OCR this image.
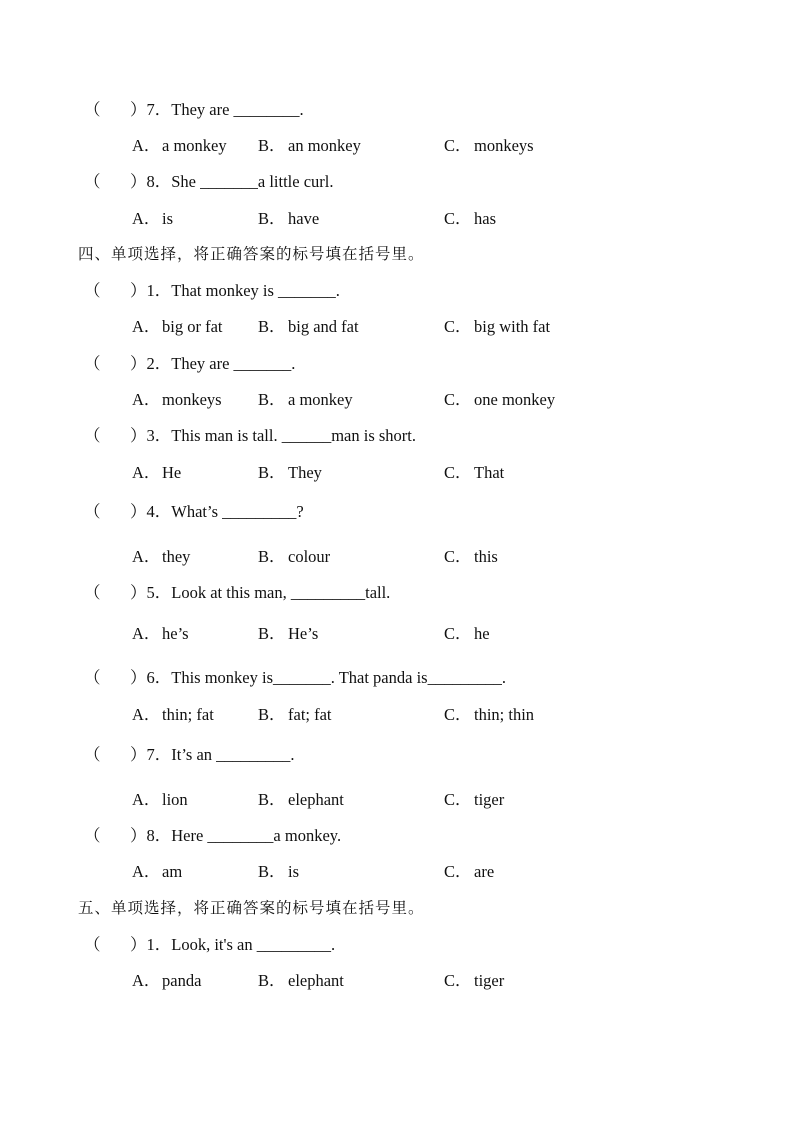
（ ）7．They are ________.
A．a monkey B． an monkey	C． monkeys
（ ）8．She _______a little curl.
A．is	B． have	C． has
四、单项选择，将正确答案的标号填在括号里。
（ ）1．That monkey is _______.
A．big or fat B． big and fat	C． big with fat
（ ）2．They are _______.
A．monkeys B． a monkey	C． one monkey
（ ）3．This man is tall. ______man is short.
A．He	B． They	C． That
（ ）4．What’s _________?
A．they	B． colour	C． this
（ ）5．Look at this man, _________tall.
A．he’s	B． He’s	C． he
（ ）6．This monkey is_______. That panda is_________.
A．thin; fat	B． fat; fat	C． thin; thin
（ ）7．It’s an _________.
A．lion	B． elephant	C． tiger
（ ）8．Here ________a monkey.
A．am	B． is	C． are
五、单项选择，将正确答案的标号填在括号里。
（ ）1．Look, it's an _________.
A．panda	B． elephant	C． tiger
